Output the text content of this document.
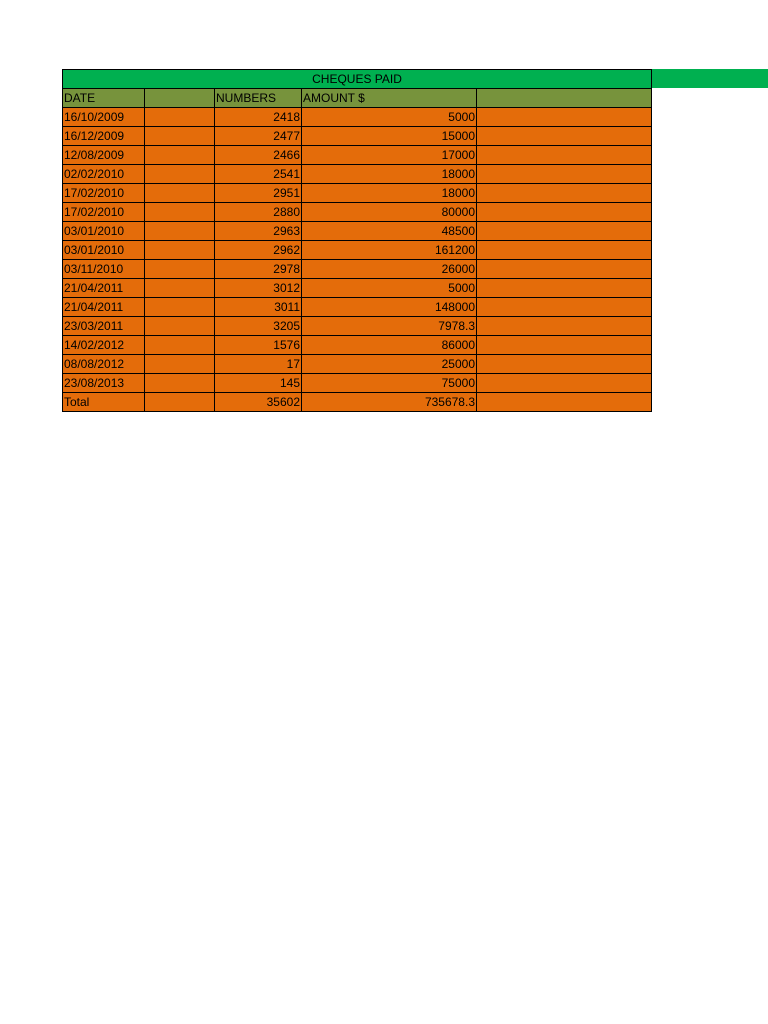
CHEQUES PAID				
DATE		NUMBERS	AMOUNT $	
16/10/2009		2418	5000	
16/12/2009		2477	15000	
12/08/2009		2466	17000	
02/02/2010		2541	18000	
17/02/2010		2951	18000	
17/02/2010		2880	80000	
03/01/2010		2963	48500	
03/01/2010		2962	161200	
03/11/2010		2978	26000	
21/04/2011		3012	5000	
21/04/2011		3011	148000	
23/03/2011		3205	7978.3	
14/02/2012		1576	86000	
08/08/2012		17	25000	
23/08/2013		145	75000	
Total		35602	735678.3	
